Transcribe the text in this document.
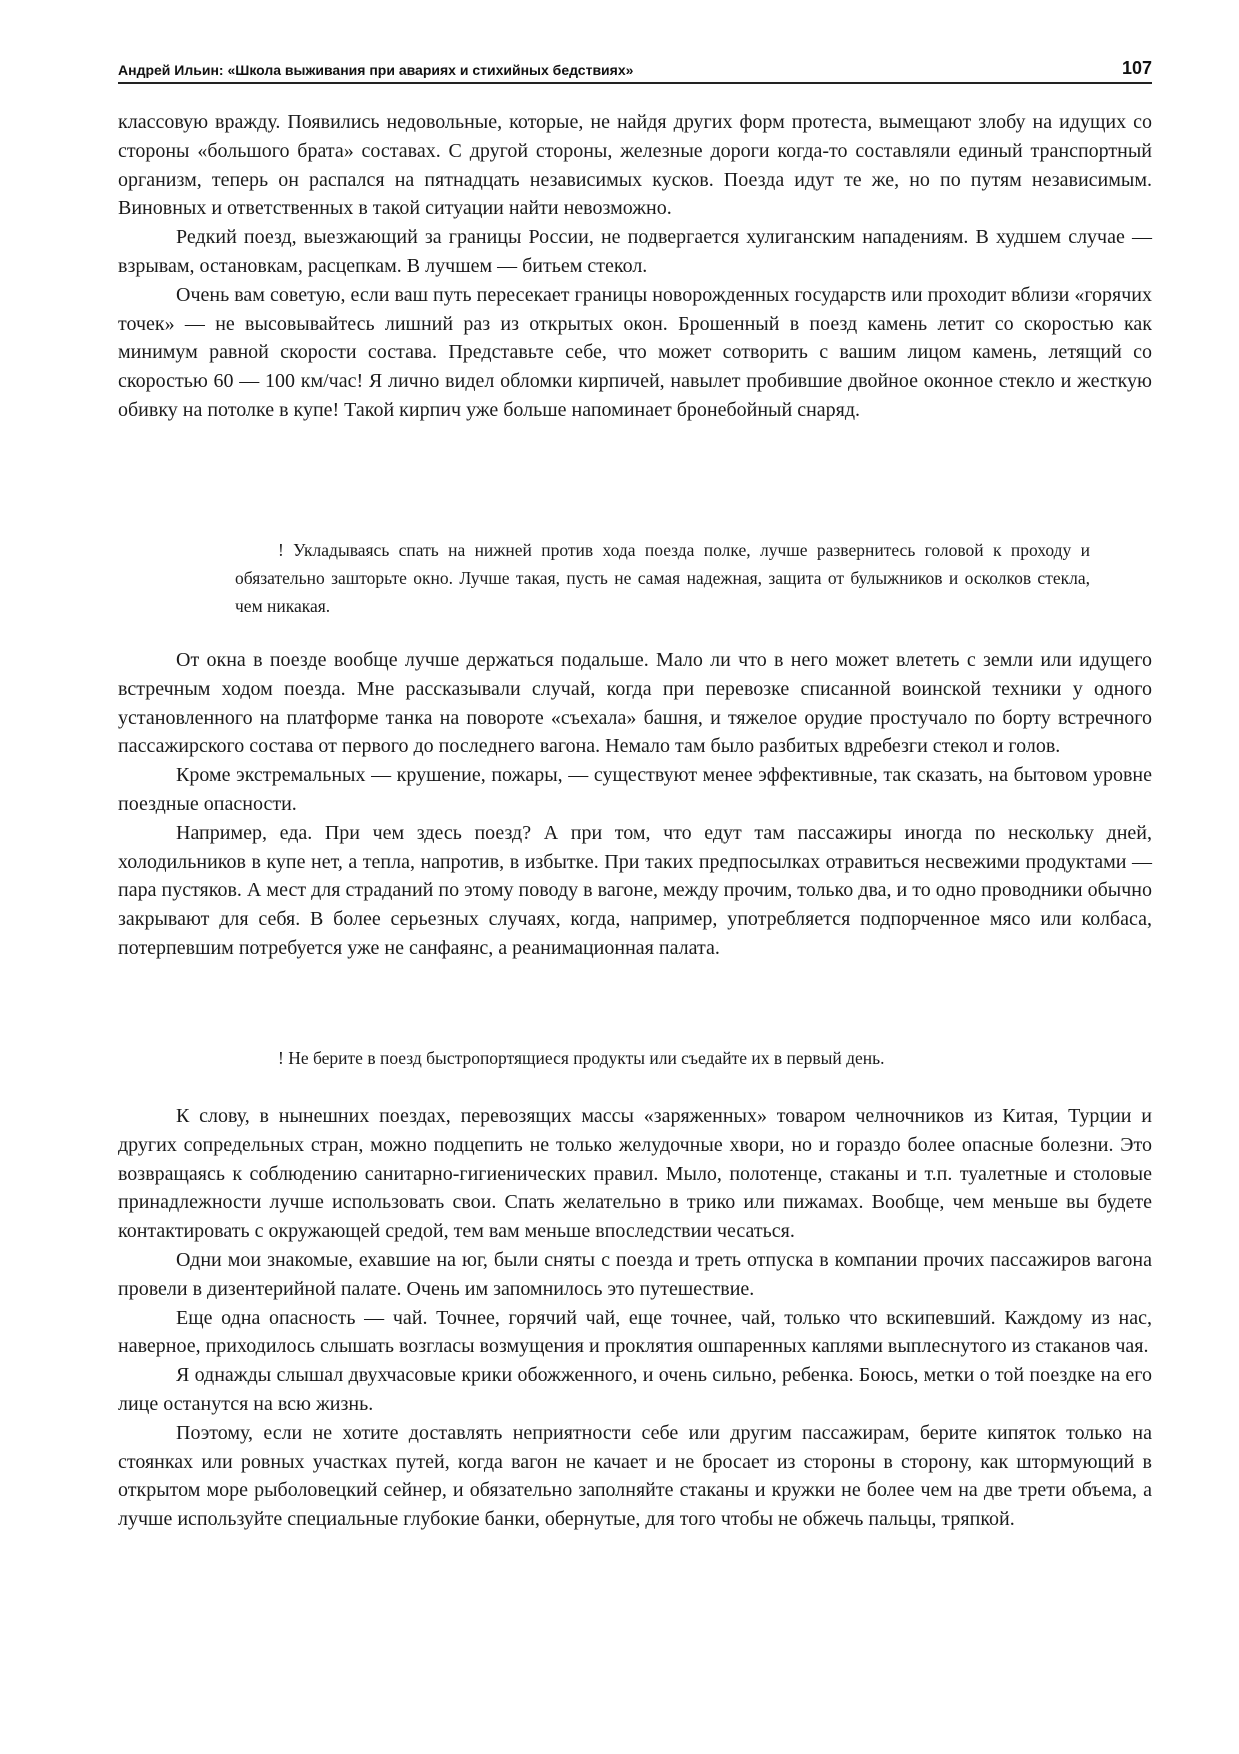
Андрей Ильин: «Школа выживания при авариях и стихийных бедствиях»	107

классовую вражду. Появились недовольные, которые, не найдя других форм протеста, вымещают злобу на идущих со стороны «большого брата» составах. С другой стороны, железные дороги когда-то составляли единый транспортный организм, теперь он распался на пятнадцать независимых кусков. Поезда идут те же, но по путям независимым. Виновных и ответственных в такой ситуации найти невозможно.

Редкий поезд, выезжающий за границы России, не подвергается хулиганским нападениям. В худшем случае — взрывам, остановкам, расцепкам. В лучшем — битьем стекол.

Очень вам советую, если ваш путь пересекает границы новорожденных государств или проходит вблизи «горячих точек» — не высовывайтесь лишний раз из открытых окон. Брошенный в поезд камень летит со скоростью как минимум равной скорости состава. Представьте себе, что может сотворить с вашим лицом камень, летящий со скоростью 60 — 100 км/час! Я лично видел обломки кирпичей, навылет пробившие двойное оконное стекло и жесткую обивку на потолке в купе! Такой кирпич уже больше напоминает бронебойный снаряд.

! Укладываясь спать на нижней против хода поезда полке, лучше развернитесь головой к проходу и обязательно зашторьте окно. Лучше такая, пусть не самая надежная, защита от булыжников и осколков стекла, чем никакая.

От окна в поезде вообще лучше держаться подальше. Мало ли что в него может влететь с земли или идущего встречным ходом поезда. Мне рассказывали случай, когда при перевозке списанной воинской техники у одного установленного на платформе танка на повороте «съехала» башня, и тяжелое орудие простучало по борту встречного пассажирского состава от первого до последнего вагона. Немало там было разбитых вдребезги стекол и голов.

Кроме экстремальных — крушение, пожары, — существуют менее эффективные, так сказать, на бытовом уровне поездные опасности.

Например, еда. При чем здесь поезд? А при том, что едут там пассажиры иногда по нескольку дней, холодильников в купе нет, а тепла, напротив, в избытке. При таких предпосылках отравиться несвежими продуктами — пара пустяков. А мест для страданий по этому поводу в вагоне, между прочим, только два, и то одно проводники обычно закрывают для себя. В более серьезных случаях, когда, например, употребляется подпорченное мясо или колбаса, потерпевшим потребуется уже не санфаянс, а реанимационная палата.

! Не берите в поезд быстропортящиеся продукты или съедайте их в первый день.

К слову, в нынешних поездах, перевозящих массы «заряженных» товаром челночников из Китая, Турции и других сопредельных стран, можно подцепить не только желудочные хвори, но и гораздо более опасные болезни. Это возвращаясь к соблюдению санитарно-гигиенических правил. Мыло, полотенце, стаканы и т.п. туалетные и столовые принадлежности лучше использовать свои. Спать желательно в трико или пижамах. Вообще, чем меньше вы будете контактировать с окружающей средой, тем вам меньше впоследствии чесаться.

Одни мои знакомые, ехавшие на юг, были сняты с поезда и треть отпуска в компании прочих пассажиров вагона провели в дизентерийной палате. Очень им запомнилось это путешествие.

Еще одна опасность — чай. Точнее, горячий чай, еще точнее, чай, только что вскипевший. Каждому из нас, наверное, приходилось слышать возгласы возмущения и проклятия ошпаренных каплями выплеснутого из стаканов чая.

Я однажды слышал двухчасовые крики обожженного, и очень сильно, ребенка. Боюсь, метки о той поездке на его лице останутся на всю жизнь.

Поэтому, если не хотите доставлять неприятности себе или другим пассажирам, берите кипяток только на стоянках или ровных участках путей, когда вагон не качает и не бросает из стороны в сторону, как штормующий в открытом море рыболовецкий сейнер, и обязательно заполняйте стаканы и кружки не более чем на две трети объема, а лучше используйте специальные глубокие банки, обернутые, для того чтобы не обжечь пальцы, тряпкой.
